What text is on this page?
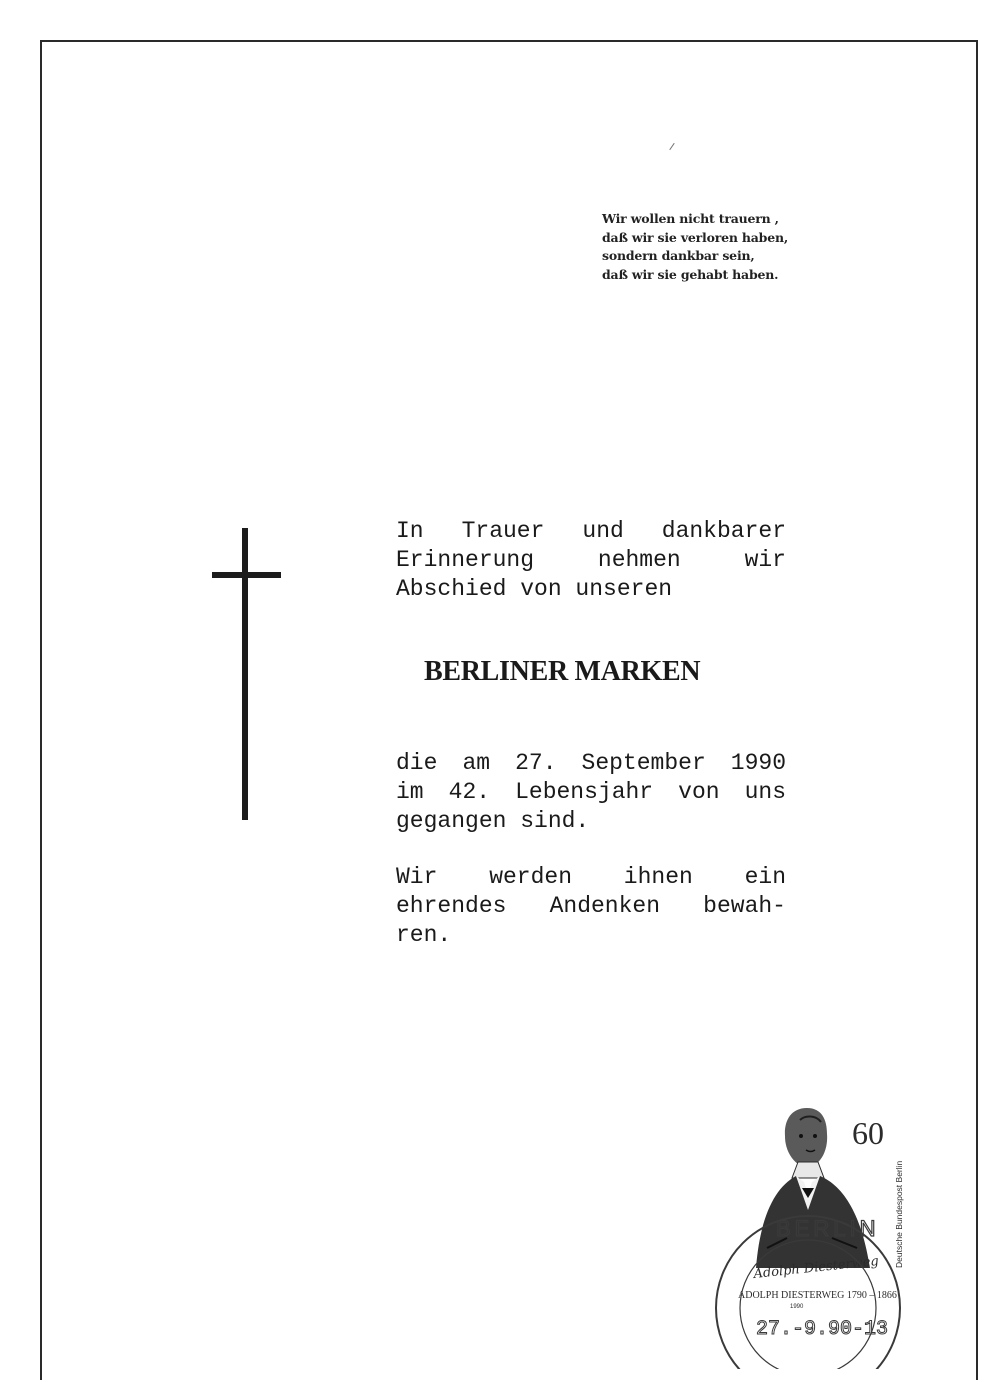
Wir wollen nicht trauern ,
daß wir sie verloren haben,
sondern dankbar sein,
daß wir sie gehabt haben.
In Trauer und dankbarer
Erinnerung nehmen wir
Abschied von unseren
BERLINER MARKEN
die am 27. September 1990
im 42. Lebensjahr von uns
gegangen sind.
Wir werden ihnen ein
ehrendes Andenken bewah-
ren.
60
Deutsche Bundespost Berlin
Adolph Diesterweg
ADOLPH DIESTERWEG 1790 – 1866
1990
BERLIN
27.-9.90-13
